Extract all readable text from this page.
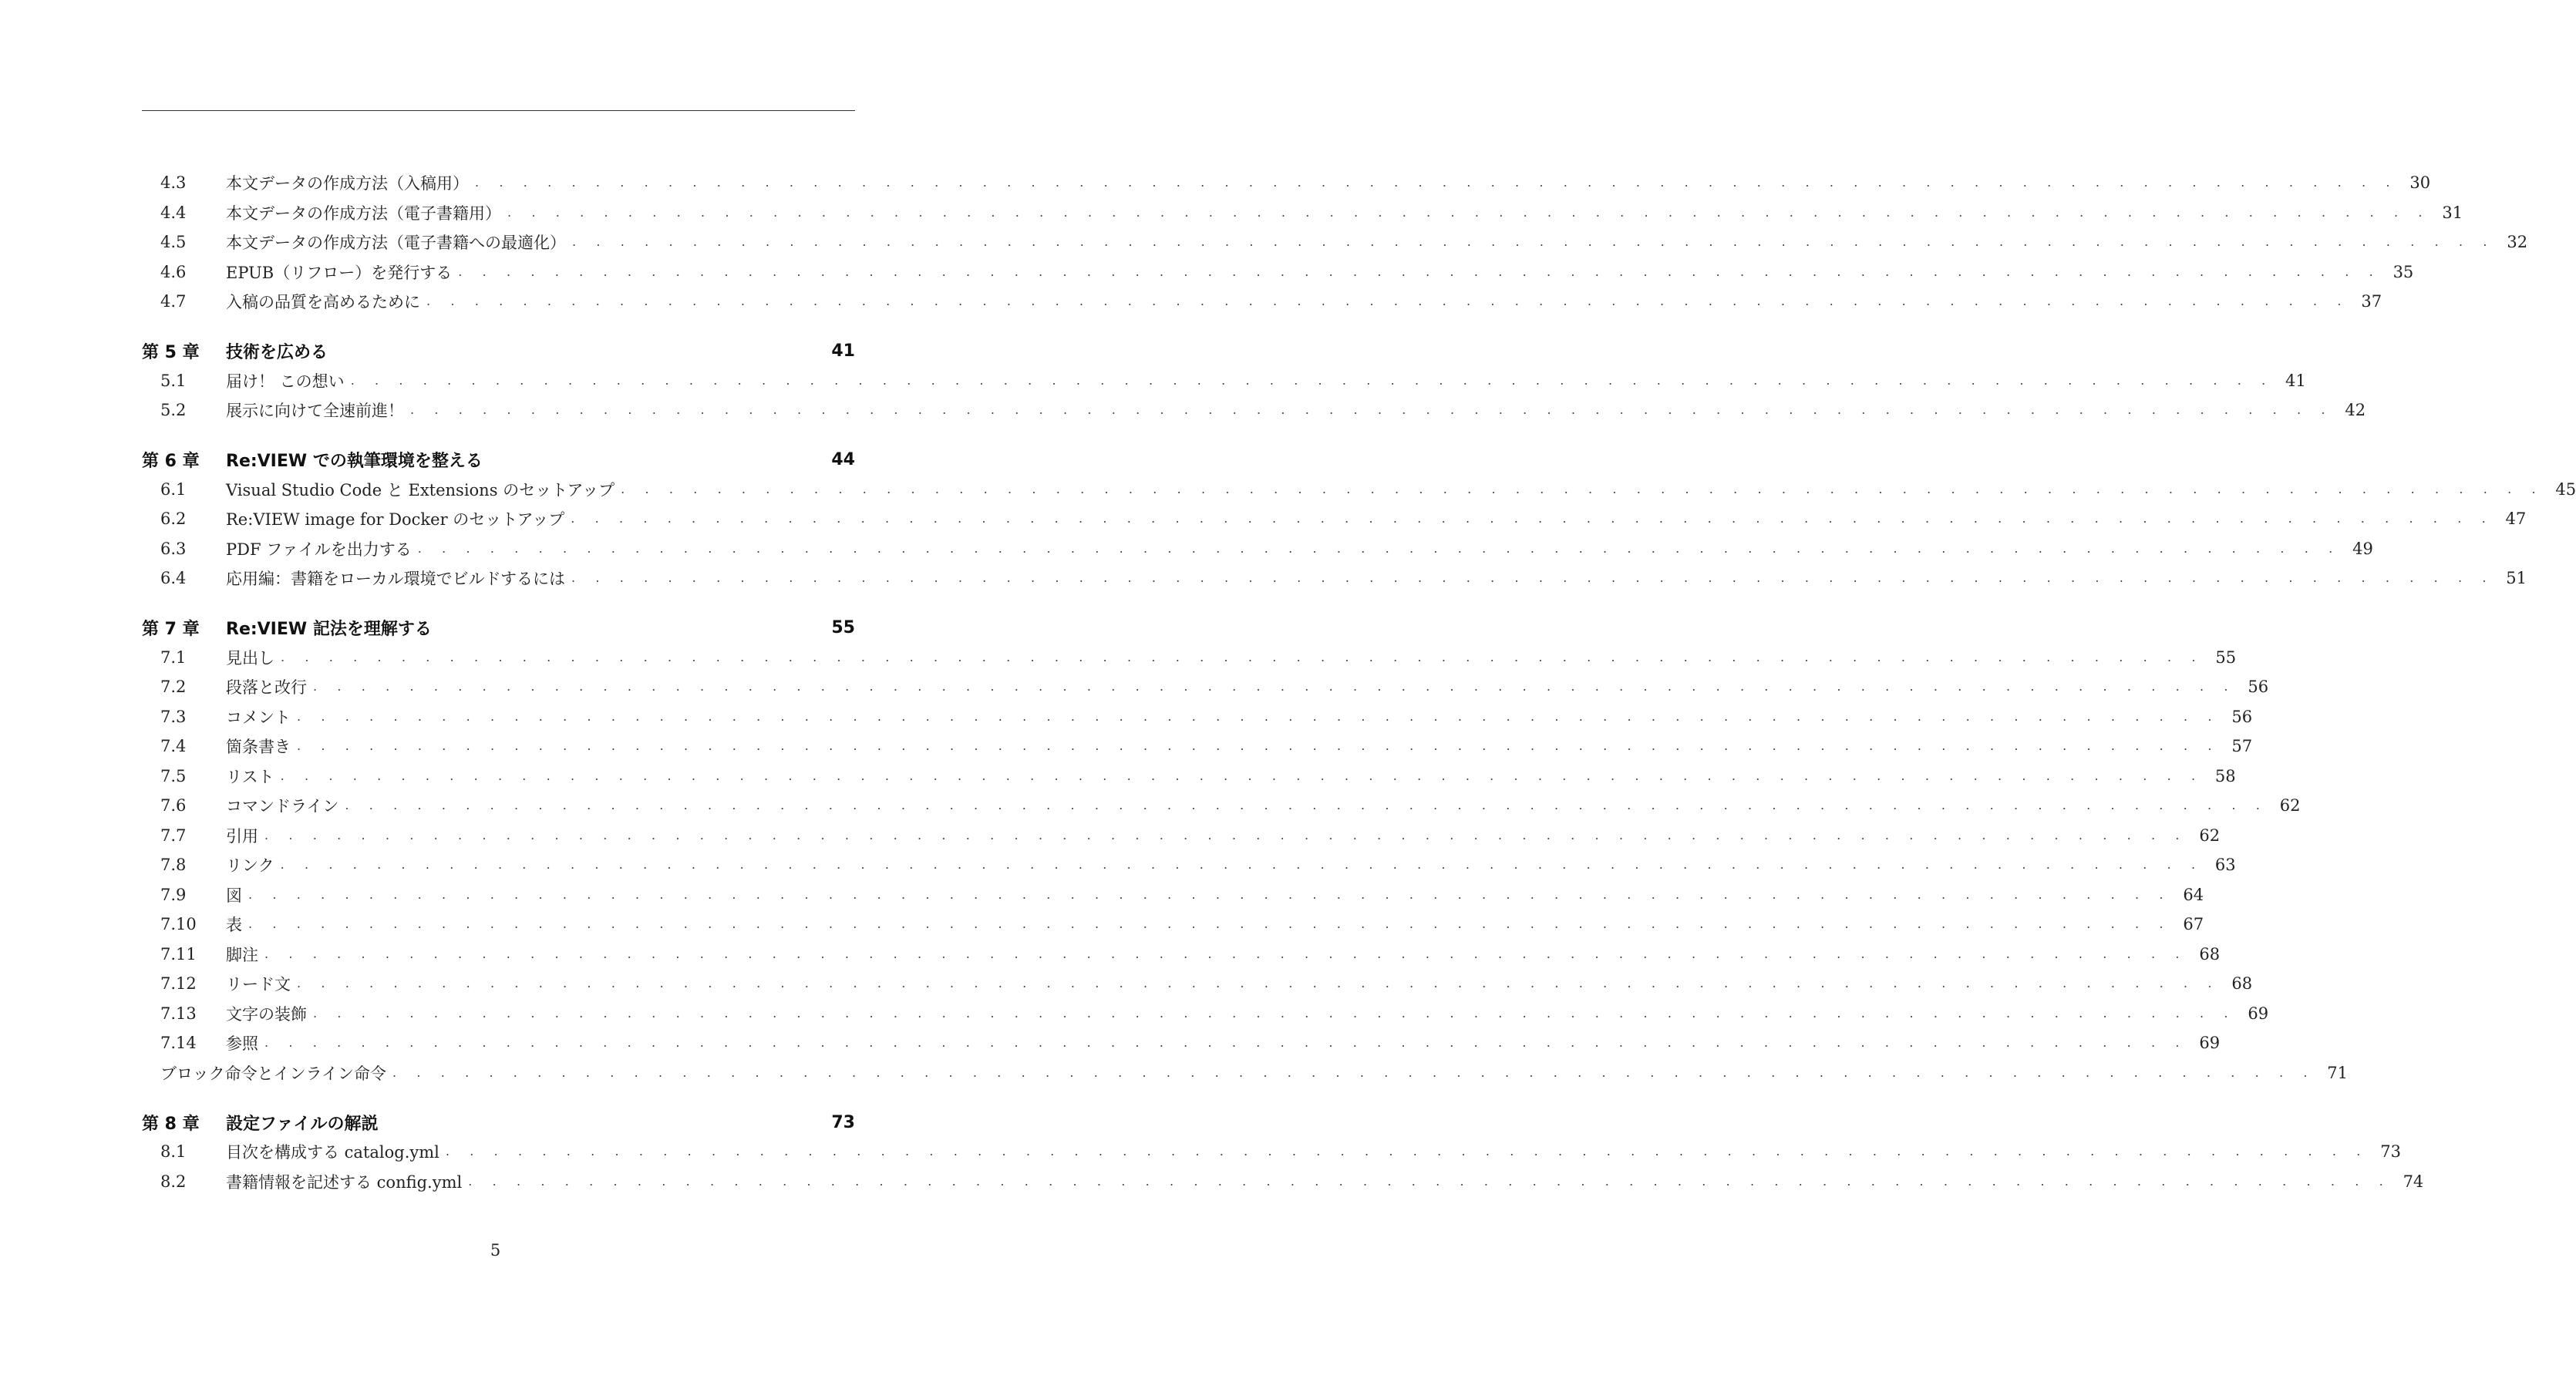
4.3	本文データの作成方法（入稿用） . . . . . . . . . . . . . . . . . . . . . . . . . . . . . . . . . . . . . . . . . . . . . . . . . . . . . . . . . . . . . . . . . . . . . . . . . . . . . . . . 30
4.4	本文データの作成方法（電子書籍用） . . . . . . . . . . . . . . . . . . . . . . . . . . . . . . . . . . . . . . . . . . . . . . . . . . . . . . . . . . . . . . . . . . . . . . . . . . . . . . . . 31
4.5	本文データの作成方法（電子書籍への最適化） . . . . . . . . . . . . . . . . . . . . . . . . . . . . . . . . . . . . . . . . . . . . . . . . . . . . . . . . . . . . . . . . . . . . . . . . . . . . . . . . 32
4.6	EPUB（リフロー）を発行する . . . . . . . . . . . . . . . . . . . . . . . . . . . . . . . . . . . . . . . . . . . . . . . . . . . . . . . . . . . . . . . . . . . . . . . . . . . . . . . . 35
4.7	入稿の品質を高めるために . . . . . . . . . . . . . . . . . . . . . . . . . . . . . . . . . . . . . . . . . . . . . . . . . . . . . . . . . . . . . . . . . . . . . . . . . . . . . . . . 37
第 5 章	技術を広める	41
5.1	届け！ この想い . . . . . . . . . . . . . . . . . . . . . . . . . . . . . . . . . . . . . . . . . . . . . . . . . . . . . . . . . . . . . . . . . . . . . . . . . . . . . . . . 41
5.2	展示に向けて全速前進！ . . . . . . . . . . . . . . . . . . . . . . . . . . . . . . . . . . . . . . . . . . . . . . . . . . . . . . . . . . . . . . . . . . . . . . . . . . . . . . . . 42
第 6 章	Re:VIEW での執筆環境を整える	44
6.1	Visual Studio Code と Extensions のセットアップ . . . . . . . . . . . . . . . . . . . . . . . . . . . . . . . . . . . . . . . . . . . . . . . . . . . . . . . . . . . . . . . . . . . . . . . . . . . . . . . . 45
6.2	Re:VIEW image for Docker のセットアップ . . . . . . . . . . . . . . . . . . . . . . . . . . . . . . . . . . . . . . . . . . . . . . . . . . . . . . . . . . . . . . . . . . . . . . . . . . . . . . . . 47
6.3	PDF ファイルを出力する . . . . . . . . . . . . . . . . . . . . . . . . . . . . . . . . . . . . . . . . . . . . . . . . . . . . . . . . . . . . . . . . . . . . . . . . . . . . . . . . 49
6.4	応用編：書籍をローカル環境でビルドするには . . . . . . . . . . . . . . . . . . . . . . . . . . . . . . . . . . . . . . . . . . . . . . . . . . . . . . . . . . . . . . . . . . . . . . . . . . . . . . . . 51
第 7 章	Re:VIEW 記法を理解する	55
7.1	見出し . . . . . . . . . . . . . . . . . . . . . . . . . . . . . . . . . . . . . . . . . . . . . . . . . . . . . . . . . . . . . . . . . . . . . . . . . . . . . . . . 55
7.2	段落と改行 . . . . . . . . . . . . . . . . . . . . . . . . . . . . . . . . . . . . . . . . . . . . . . . . . . . . . . . . . . . . . . . . . . . . . . . . . . . . . . . . 56
7.3	コメント . . . . . . . . . . . . . . . . . . . . . . . . . . . . . . . . . . . . . . . . . . . . . . . . . . . . . . . . . . . . . . . . . . . . . . . . . . . . . . . . 56
7.4	箇条書き . . . . . . . . . . . . . . . . . . . . . . . . . . . . . . . . . . . . . . . . . . . . . . . . . . . . . . . . . . . . . . . . . . . . . . . . . . . . . . . . 57
7.5	リスト . . . . . . . . . . . . . . . . . . . . . . . . . . . . . . . . . . . . . . . . . . . . . . . . . . . . . . . . . . . . . . . . . . . . . . . . . . . . . . . . 58
7.6	コマンドライン . . . . . . . . . . . . . . . . . . . . . . . . . . . . . . . . . . . . . . . . . . . . . . . . . . . . . . . . . . . . . . . . . . . . . . . . . . . . . . . . 62
7.7	引用 . . . . . . . . . . . . . . . . . . . . . . . . . . . . . . . . . . . . . . . . . . . . . . . . . . . . . . . . . . . . . . . . . . . . . . . . . . . . . . . . 62
7.8	リンク . . . . . . . . . . . . . . . . . . . . . . . . . . . . . . . . . . . . . . . . . . . . . . . . . . . . . . . . . . . . . . . . . . . . . . . . . . . . . . . . 63
7.9	図 . . . . . . . . . . . . . . . . . . . . . . . . . . . . . . . . . . . . . . . . . . . . . . . . . . . . . . . . . . . . . . . . . . . . . . . . . . . . . . . . 64
7.10	表 . . . . . . . . . . . . . . . . . . . . . . . . . . . . . . . . . . . . . . . . . . . . . . . . . . . . . . . . . . . . . . . . . . . . . . . . . . . . . . . . 67
7.11	脚注 . . . . . . . . . . . . . . . . . . . . . . . . . . . . . . . . . . . . . . . . . . . . . . . . . . . . . . . . . . . . . . . . . . . . . . . . . . . . . . . . 68
7.12	リード文 . . . . . . . . . . . . . . . . . . . . . . . . . . . . . . . . . . . . . . . . . . . . . . . . . . . . . . . . . . . . . . . . . . . . . . . . . . . . . . . . 68
7.13	文字の装飾 . . . . . . . . . . . . . . . . . . . . . . . . . . . . . . . . . . . . . . . . . . . . . . . . . . . . . . . . . . . . . . . . . . . . . . . . . . . . . . . . 69
7.14	参照 . . . . . . . . . . . . . . . . . . . . . . . . . . . . . . . . . . . . . . . . . . . . . . . . . . . . . . . . . . . . . . . . . . . . . . . . . . . . . . . . 69
ブロック命令とインライン命令 . . . . . . . . . . . . . . . . . . . . . . . . . . . . . . . . . . . . . . . . . . . . . . . . . . . . . . . . . . . . . . . . . . . . . . . . . . . . . . . . 71
第 8 章	設定ファイルの解説	73
8.1	目次を構成する catalog.yml . . . . . . . . . . . . . . . . . . . . . . . . . . . . . . . . . . . . . . . . . . . . . . . . . . . . . . . . . . . . . . . . . . . . . . . . . . . . . . . . 73
8.2	書籍情報を記述する config.yml . . . . . . . . . . . . . . . . . . . . . . . . . . . . . . . . . . . . . . . . . . . . . . . . . . . . . . . . . . . . . . . . . . . . . . . . . . . . . . . . 74
5
